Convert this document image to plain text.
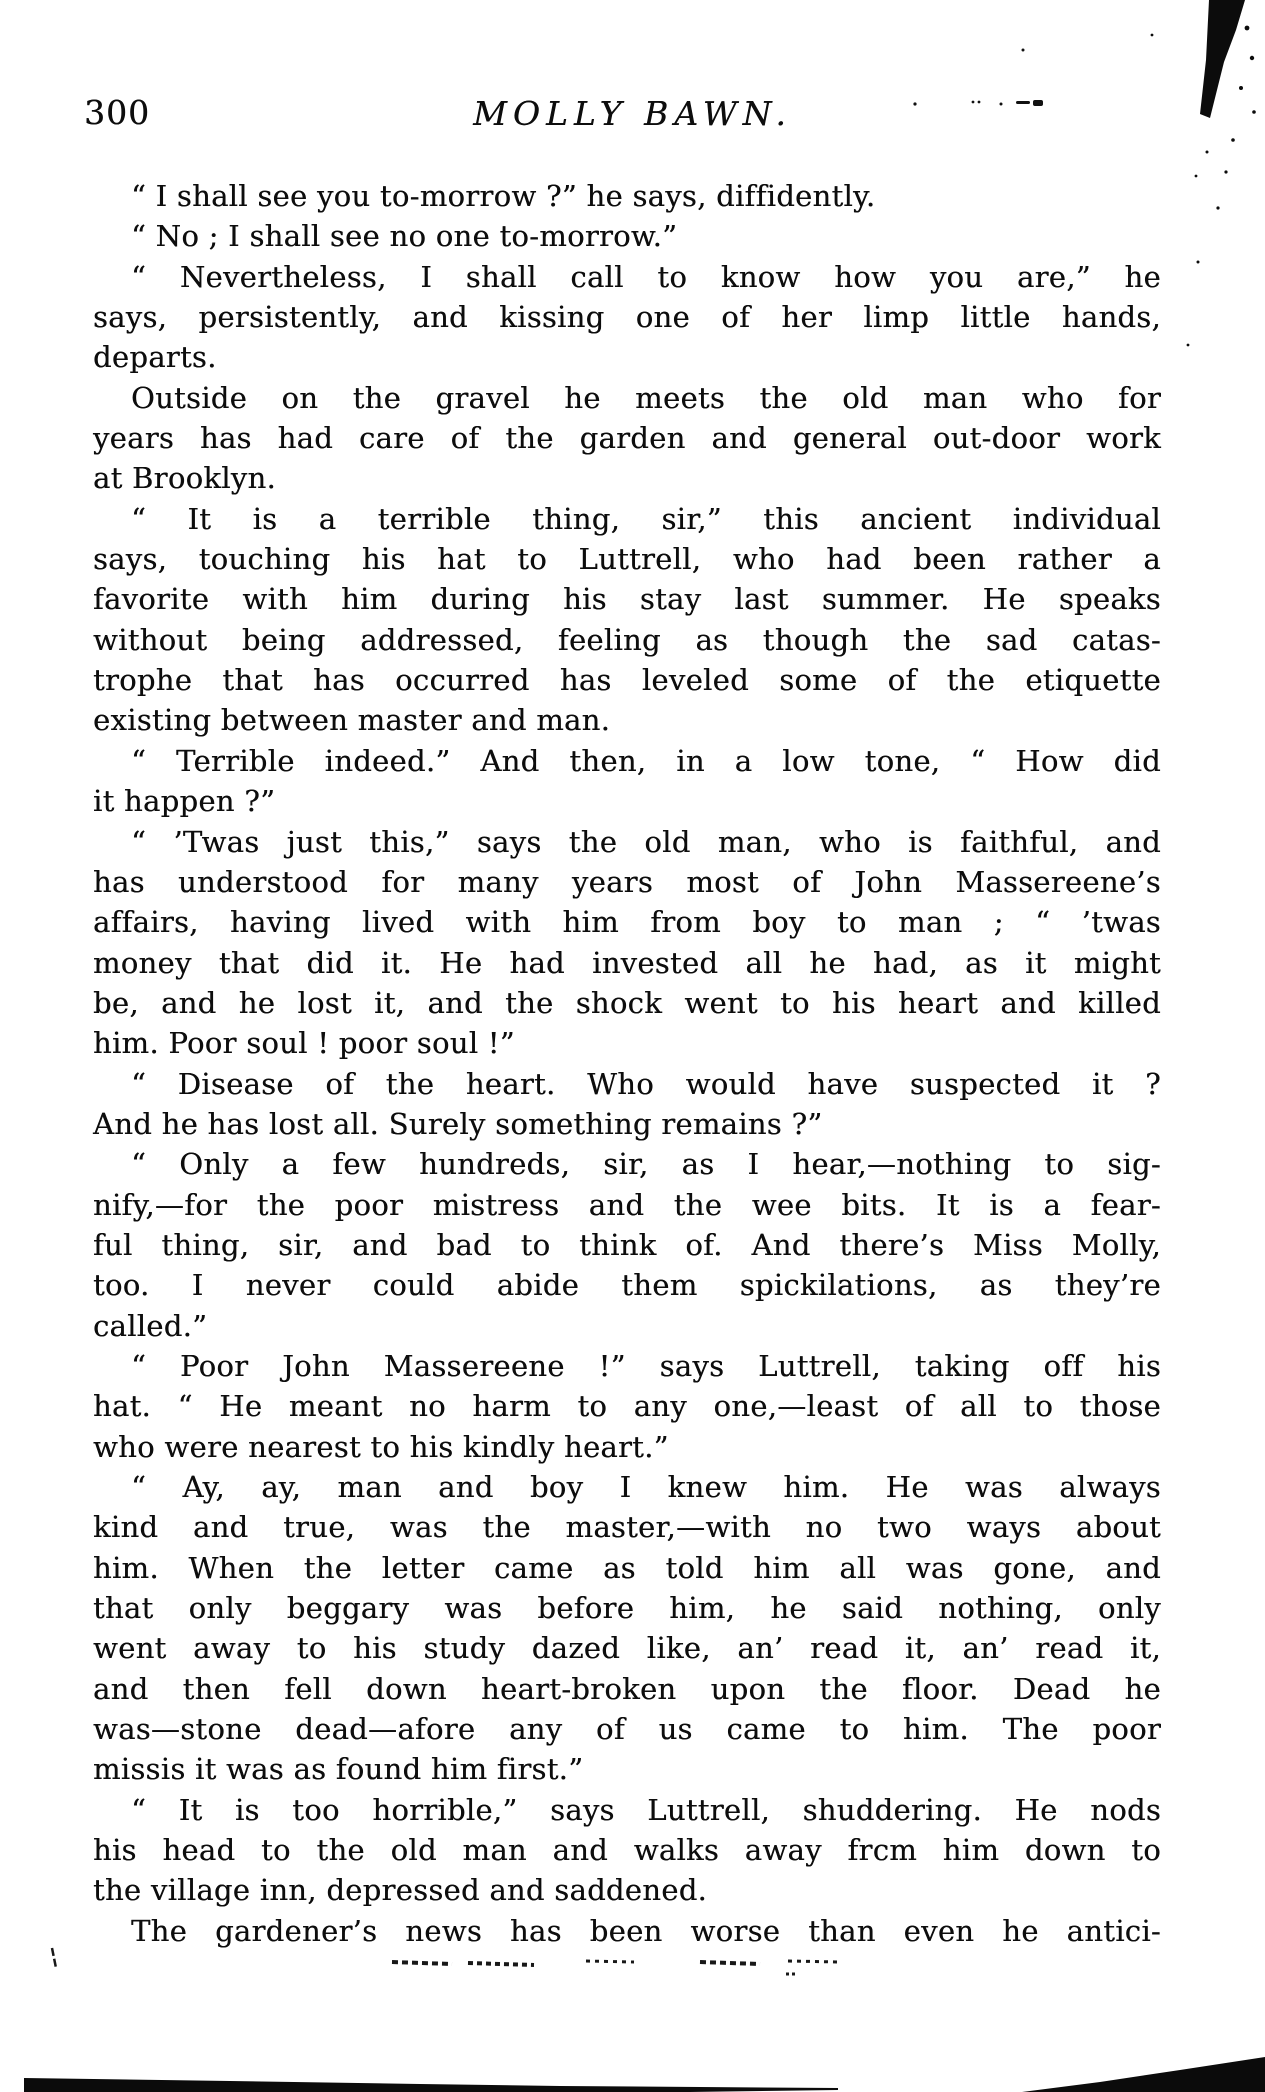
300	MOLLY BAWN.
“ I shall see you to-morrow ?” he says, diffidently.
“ No ; I shall see no one to-morrow.”
“ Nevertheless, I shall call to know how you are,” he
says, persistently, and kissing one of her limp little hands,
departs.
Outside on the gravel he meets the old man who for
years has had care of the garden and general out-door work
at Brooklyn.
“ It is a terrible thing, sir,” this ancient individual
says, touching his hat to Luttrell, who had been rather a
favorite with him during his stay last summer. He speaks
without being addressed, feeling as though the sad catas-
trophe that has occurred has leveled some of the etiquette
existing between master and man.
“ Terrible indeed.” And then, in a low tone, “ How did
it happen ?”
“ ’Twas just this,” says the old man, who is faithful, and
has understood for many years most of John Massereene’s
affairs, having lived with him from boy to man ; “ ’twas
money that did it. He had invested all he had, as it might
be, and he lost it, and the shock went to his heart and killed
him. Poor soul ! poor soul !”
“ Disease of the heart. Who would have suspected it ?
And he has lost all. Surely something remains ?”
“ Only a few hundreds, sir, as I hear,—nothing to sig-
nify,—for the poor mistress and the wee bits. It is a fear-
ful thing, sir, and bad to think of. And there’s Miss Molly,
too. I never could abide them spickilations, as they’re
called.”
“ Poor John Massereene !” says Luttrell, taking off his
hat. “ He meant no harm to any one,—least of all to those
who were nearest to his kindly heart.”
“ Ay, ay, man and boy I knew him. He was always
kind and true, was the master,—with no two ways about
him. When the letter came as told him all was gone, and
that only beggary was before him, he said nothing, only
went away to his study dazed like, an’ read it, an’ read it,
and then fell down heart-broken upon the floor. Dead he
was—stone dead—afore any of us came to him. The poor
missis it was as found him first.”
“ It is too horrible,” says Luttrell, shuddering. He nods
his head to the old man and walks away frcm him down to
the village inn, depressed and saddened.
The gardener’s news has been worse than even he antici-
